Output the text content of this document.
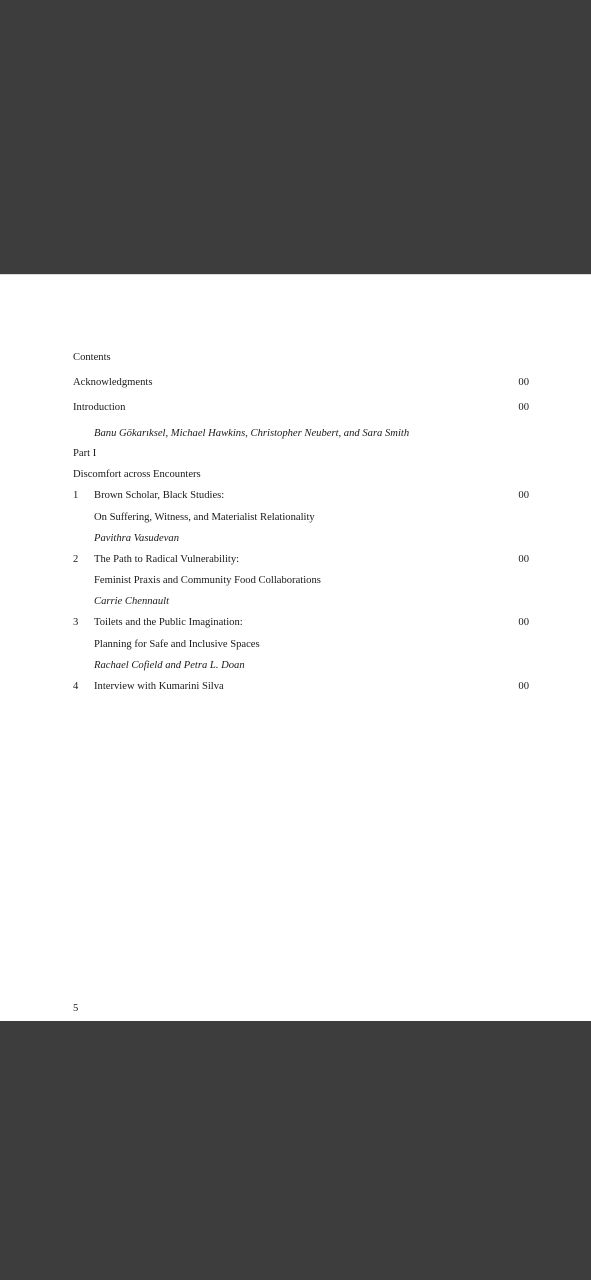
Contents
Acknowledgments	00
Introduction	00
Banu Gökarıksel, Michael Hawkins, Christopher Neubert, and Sara Smith
Part I
Discomfort across Encounters
1 Brown Scholar, Black Studies:	00
On Suffering, Witness, and Materialist Relationality
Pavithra Vasudevan
2 The Path to Radical Vulnerability:	00
Feminist Praxis and Community Food Collaborations
Carrie Chennault
3 Toilets and the Public Imagination:	00
Planning for Safe and Inclusive Spaces
Rachael Cofield and Petra L. Doan
4 Interview with Kumarini Silva	00
5
